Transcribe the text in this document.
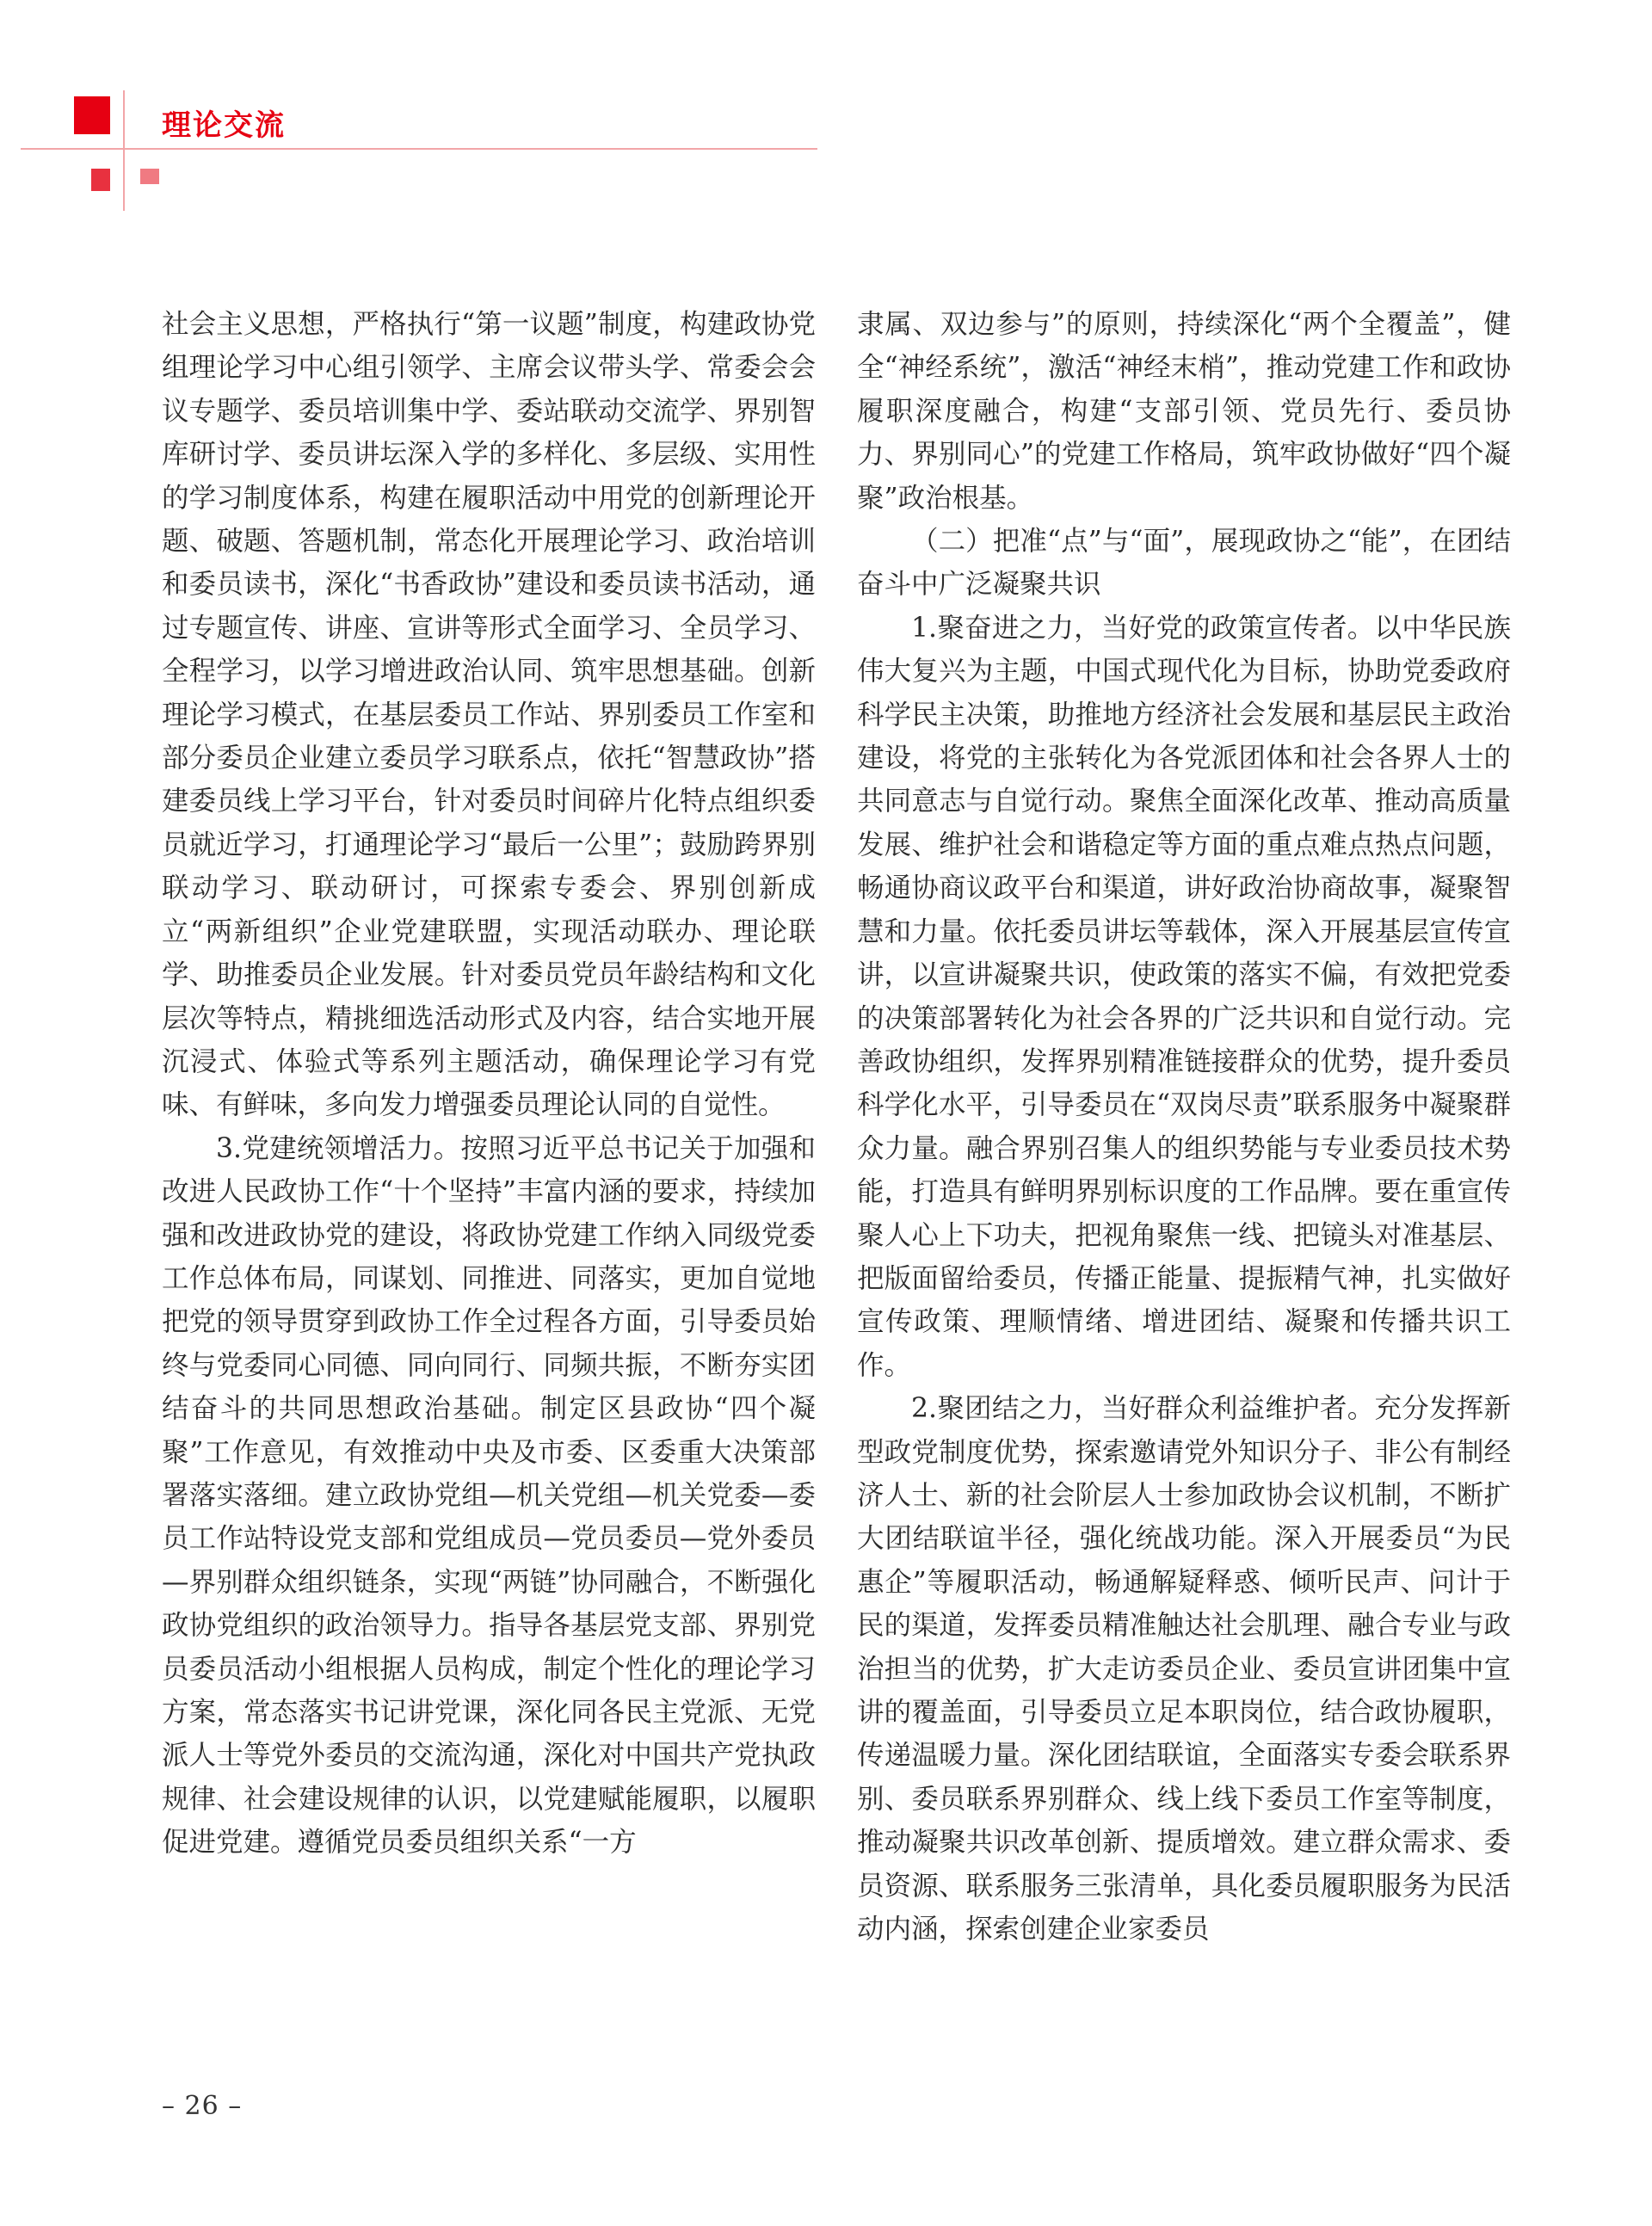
理论交流

社会主义思想，严格执行“第一议题”制度，构建政协党组理论学习中心组引领学、主席会议带头学、常委会会议专题学、委员培训集中学、委站联动交流学、界别智库研讨学、委员讲坛深入学的多样化、多层级、实用性的学习制度体系，构建在履职活动中用党的创新理论开题、破题、答题机制，常态化开展理论学习、政治培训和委员读书，深化“书香政协”建设和委员读书活动，通过专题宣传、讲座、宣讲等形式全面学习、全员学习、全程学习，以学习增进政治认同、筑牢思想基础。创新理论学习模式，在基层委员工作站、界别委员工作室和部分委员企业建立委员学习联系点，依托“智慧政协”搭建委员线上学习平台，针对委员时间碎片化特点组织委员就近学习，打通理论学习“最后一公里”；鼓励跨界别联动学习、联动研讨，可探索专委会、界别创新成立“两新组织”企业党建联盟，实现活动联办、理论联学、助推委员企业发展。针对委员党员年龄结构和文化层次等特点，精挑细选活动形式及内容，结合实地开展沉浸式、体验式等系列主题活动，确保理论学习有党味、有鲜味，多向发力增强委员理论认同的自觉性。

3.党建统领增活力。按照习近平总书记关于加强和改进人民政协工作“十个坚持”丰富内涵的要求，持续加强和改进政协党的建设，将政协党建工作纳入同级党委工作总体布局，同谋划、同推进、同落实，更加自觉地把党的领导贯穿到政协工作全过程各方面，引导委员始终与党委同心同德、同向同行、同频共振，不断夯实团结奋斗的共同思想政治基础。制定区县政协“四个凝聚”工作意见，有效推动中央及市委、区委重大决策部署落实落细。建立政协党组—机关党组—机关党委—委员工作站特设党支部和党组成员—党员委员—党外委员—界别群众组织链条，实现“两链”协同融合，不断强化政协党组织的政治领导力。指导各基层党支部、界别党员委员活动小组根据人员构成，制定个性化的理论学习方案，常态落实书记讲党课，深化同各民主党派、无党派人士等党外委员的交流沟通，深化对中国共产党执政规律、社会建设规律的认识，以党建赋能履职，以履职促进党建。遵循党员委员组织关系“一方

隶属、双边参与”的原则，持续深化“两个全覆盖”，健全“神经系统”，激活“神经末梢”，推动党建工作和政协履职深度融合，构建“支部引领、党员先行、委员协力、界别同心”的党建工作格局，筑牢政协做好“四个凝聚”政治根基。

（二）把准“点”与“面”，展现政协之“能”，在团结奋斗中广泛凝聚共识

1.聚奋进之力，当好党的政策宣传者。以中华民族伟大复兴为主题，中国式现代化为目标，协助党委政府科学民主决策，助推地方经济社会发展和基层民主政治建设，将党的主张转化为各党派团体和社会各界人士的共同意志与自觉行动。聚焦全面深化改革、推动高质量发展、维护社会和谐稳定等方面的重点难点热点问题，畅通协商议政平台和渠道，讲好政治协商故事，凝聚智慧和力量。依托委员讲坛等载体，深入开展基层宣传宣讲，以宣讲凝聚共识，使政策的落实不偏，有效把党委的决策部署转化为社会各界的广泛共识和自觉行动。完善政协组织，发挥界别精准链接群众的优势，提升委员科学化水平，引导委员在“双岗尽责”联系服务中凝聚群众力量。融合界别召集人的组织势能与专业委员技术势能，打造具有鲜明界别标识度的工作品牌。要在重宣传聚人心上下功夫，把视角聚焦一线、把镜头对准基层、把版面留给委员，传播正能量、提振精气神，扎实做好宣传政策、理顺情绪、增进团结、凝聚和传播共识工作。

2.聚团结之力，当好群众利益维护者。充分发挥新型政党制度优势，探索邀请党外知识分子、非公有制经济人士、新的社会阶层人士参加政协会议机制，不断扩大团结联谊半径，强化统战功能。深入开展委员“为民惠企”等履职活动，畅通解疑释惑、倾听民声、问计于民的渠道，发挥委员精准触达社会肌理、融合专业与政治担当的优势，扩大走访委员企业、委员宣讲团集中宣讲的覆盖面，引导委员立足本职岗位，结合政协履职，传递温暖力量。深化团结联谊，全面落实专委会联系界别、委员联系界别群众、线上线下委员工作室等制度，推动凝聚共识改革创新、提质增效。建立群众需求、委员资源、联系服务三张清单，具化委员履职服务为民活动内涵，探索创建企业家委员

– 26 –
